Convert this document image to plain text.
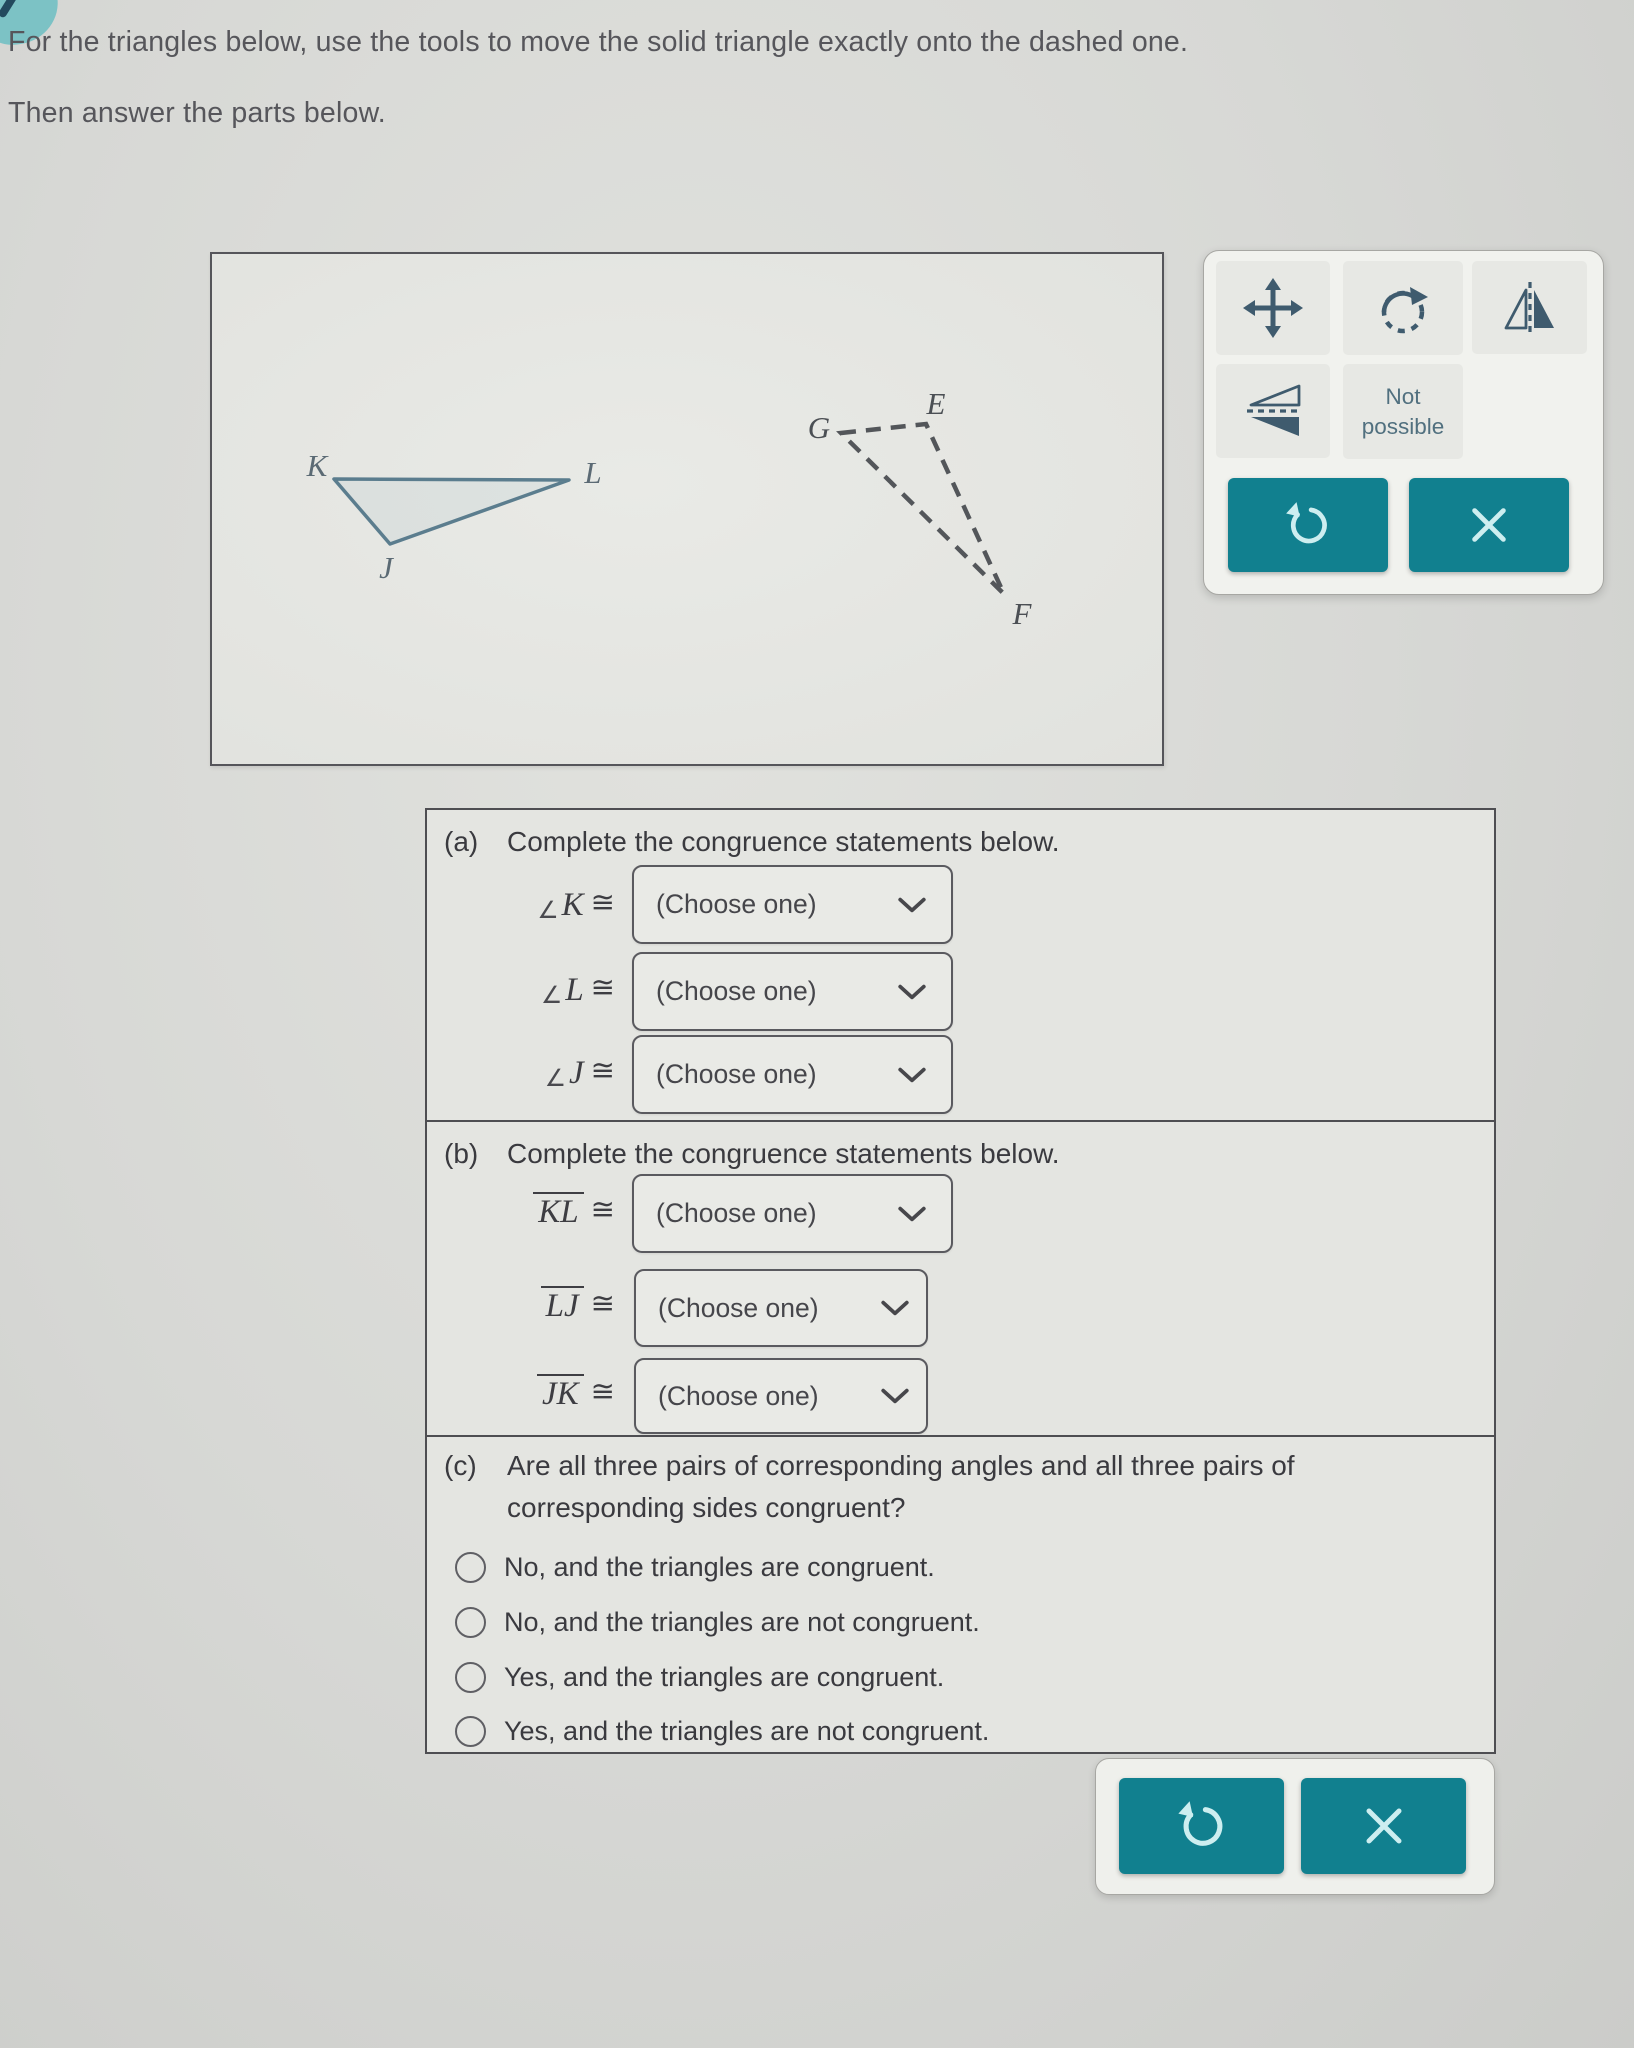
For the triangles below, use the tools to move the solid triangle exactly onto the dashed one.
Then answer the parts below.
K	L
J
G
E
F
Not possible
(a) Complete the congruence statements below.
∠K ≅ (Choose one)
∠L ≅ (Choose one)
∠J ≅ (Choose one)
(b) Complete the congruence statements below.
KL ≅ (Choose one)
LJ ≅ (Choose one)
JK ≅ (Choose one)
(c) Are all three pairs of corresponding angles and all three pairs of
corresponding sides congruent?
No, and the triangles are congruent.
No, and the triangles are not congruent.
Yes, and the triangles are congruent.
Yes, and the triangles are not congruent.
